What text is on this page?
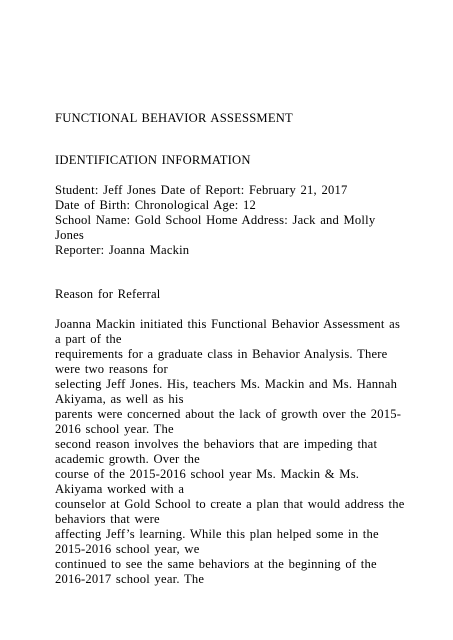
FUNCTIONAL BEHAVIOR ASSESSMENT
IDENTIFICATION INFORMATION
Student: Jeff Jones Date of Report: February 21, 2017
Date of Birth: Chronological Age: 12
School Name: Gold School Home Address: Jack and Molly
Jones
Reporter: Joanna Mackin
Reason for Referral
Joanna Mackin initiated this Functional Behavior Assessment as
a part of the
requirements for a graduate class in Behavior Analysis. There
were two reasons for
selecting Jeff Jones. His, teachers Ms. Mackin and Ms. Hannah
Akiyama, as well as his
parents were concerned about the lack of growth over the 2015-
2016 school year. The
second reason involves the behaviors that are impeding that
academic growth. Over the
course of the 2015-2016 school year Ms. Mackin & Ms.
Akiyama worked with a
counselor at Gold School to create a plan that would address the
behaviors that were
affecting Jeff’s learning. While this plan helped some in the
2015-2016 school year, we
continued to see the same behaviors at the beginning of the
2016-2017 school year. The
